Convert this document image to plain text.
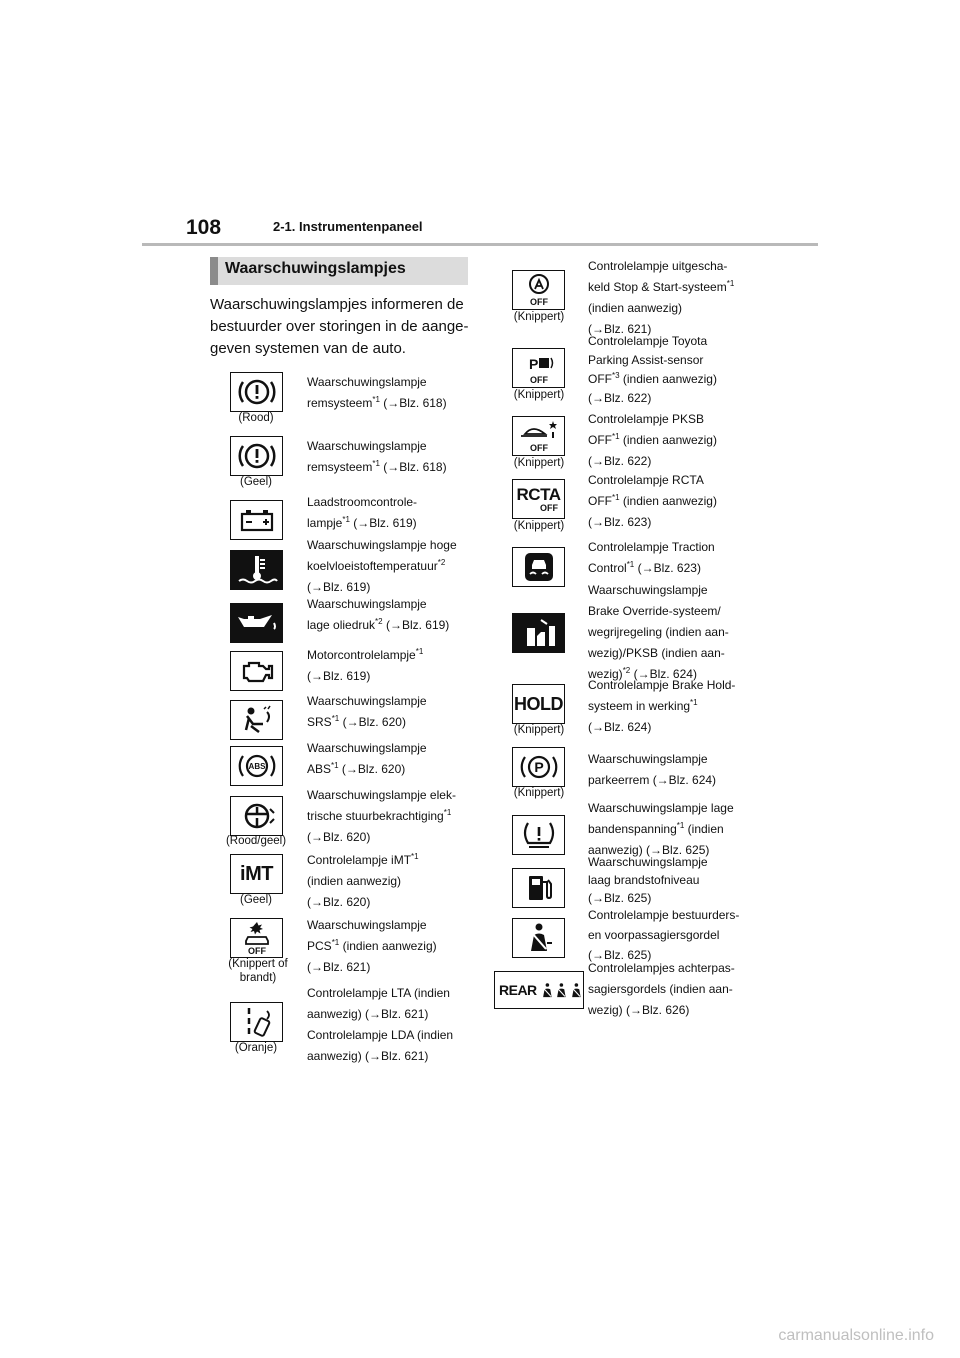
108	2-1. Instrumentenpaneel
Waarschuwingslampjes
Waarschuwingslampjes informeren de bestuurder over storingen in de aangegeven systemen van de auto.
ABS
iMT
OFF
(Rood)
(Geel)
(Rood/geel)
(Geel)
(Knippert of brandt)
(Oranje)
Waarschuwingslampje
remsysteem$^{*1}$ (→Blz. 618)
Waarschuwingslampje
remsysteem$^{*1}$ (→Blz. 618)
Laadstroomcontrole-
lampje$^{*1}$ (→Blz. 619)
Waarschuwingslampje hoge
koelvloeistoftemperatuur$^{*2}$
(→Blz. 619)
Waarschuwingslampje
lage oliedruk$^{*2}$ (→Blz. 619)
Motorcontrolelampje$^{*1}$
(→Blz. 619)
Waarschuwingslampje
SRS$^{*1}$ (→Blz. 620)
Waarschuwingslampje
ABS$^{*1}$ (→Blz. 620)
Waarschuwingslampje elek-
trische stuurbekrachtiging$^{*1}$
(→Blz. 620)
Controlelampje iMT$^{*1}$
(indien aanwezig)
(→Blz. 620)
Waarschuwingslampje
PCS$^{*1}$ (indien aanwezig)
(→Blz. 621)
Controlelampje LTA (indien
aanwezig) (→Blz. 621)
Controlelampje LDA (indien
aanwezig) (→Blz. 621)
OFF
P
OFF
OFF
RCTA
OFF
HOLD
P
REAR
(Knippert)
(Knippert)
(Knippert)
(Knippert)
(Knippert)
(Knippert)
Controlelampje uitgescha-
keld Stop & Start-systeem$^{*1}$
(indien aanwezig)
(→Blz. 621)
Controlelampje Toyota
Parking Assist-sensor
OFF$^{*3}$ (indien aanwezig)
(→Blz. 622)
Controlelampje PKSB
OFF$^{*1}$ (indien aanwezig)
(→Blz. 622)
Controlelampje RCTA
OFF$^{*1}$ (indien aanwezig)
(→Blz. 623)
Controlelampje Traction
Control$^{*1}$ (→Blz. 623)
Waarschuwingslampje
Brake Override-systeem/
wegrijregeling (indien aan-
wezig)/PKSB (indien aan-
wezig)$^{*2}$ (→Blz. 624)
Controlelampje Brake Hold-
systeem in werking$^{*1}$
(→Blz. 624)
Waarschuwingslampje
parkeerrem (→Blz. 624)
Waarschuwingslampje lage
bandenspanning$^{*1}$ (indien
aanwezig) (→Blz. 625)
Waarschuwingslampje
laag brandstofniveau
(→Blz. 625)
Controlelampje bestuurders-
en voorpassagiersgordel
(→Blz. 625)
Controlelampjes achterpas-
sagiersgordels (indien aan-
wezig) (→Blz. 626)
carmanualsonline.info
